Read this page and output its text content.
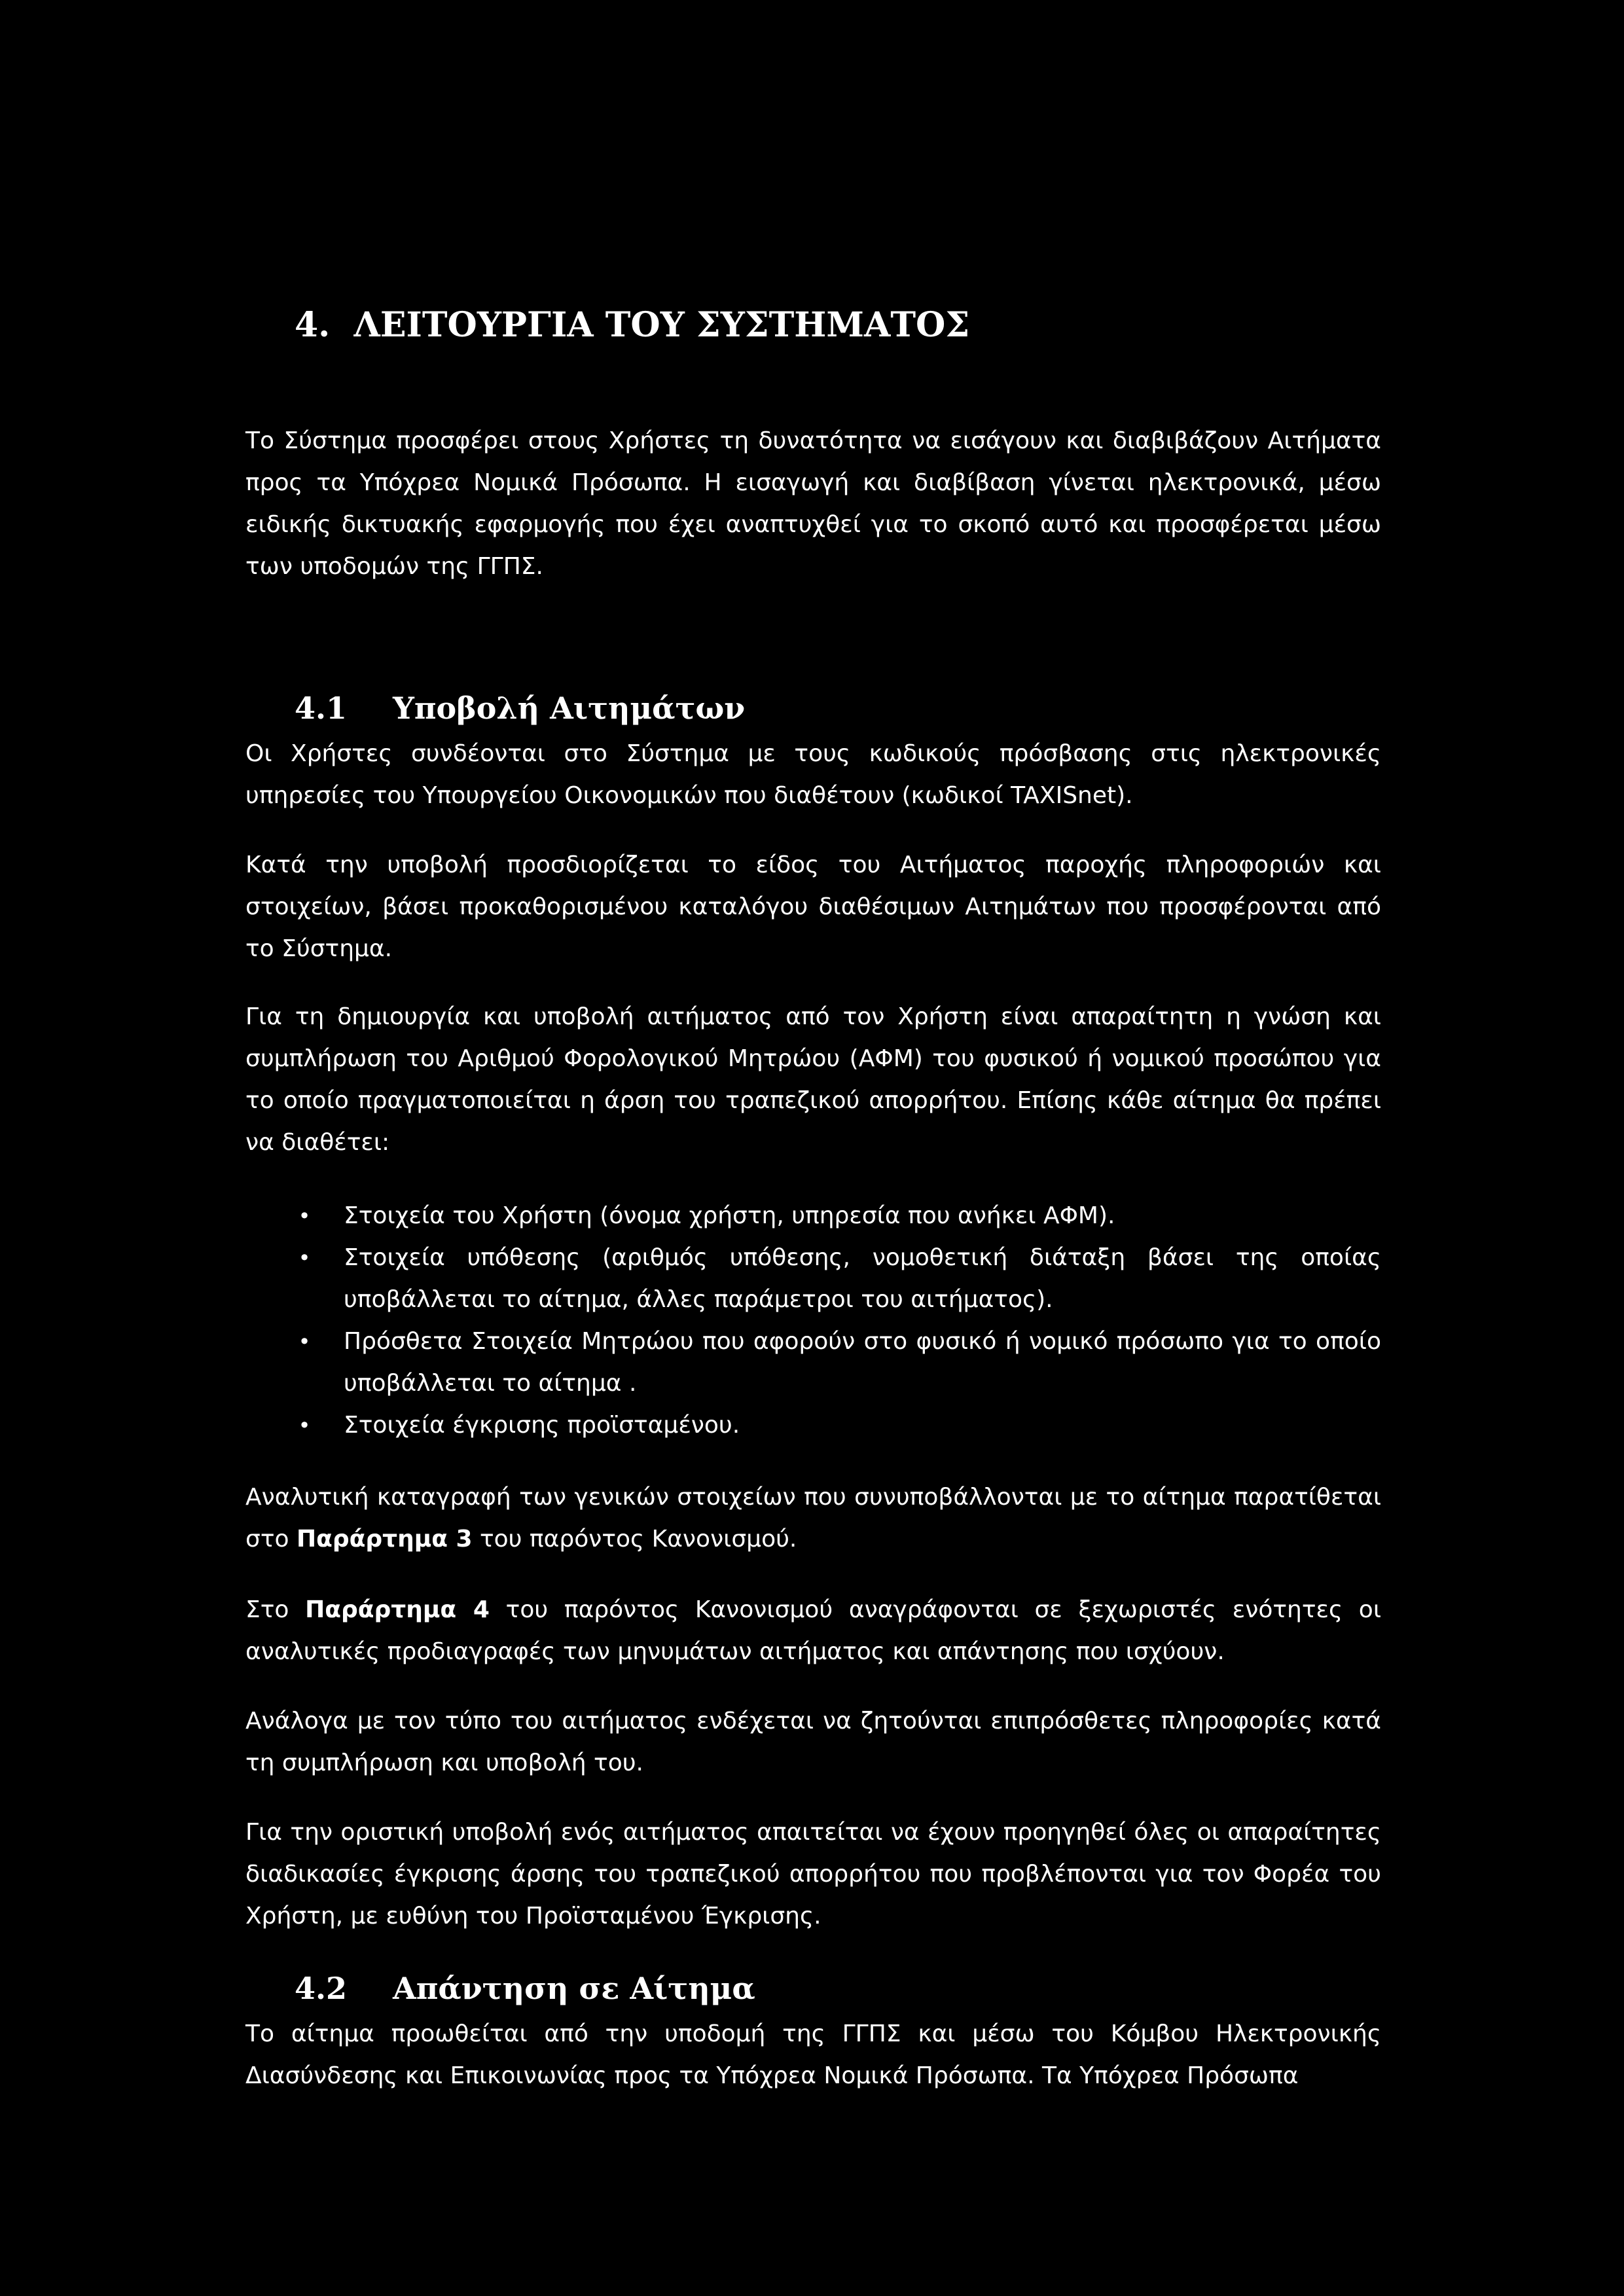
4. ΛΕΙΤΟΥΡΓΙΑ ΤΟΥ ΣΥΣΤΗΜΑΤΟΣ
Το Σύστημα προσφέρει στους Χρήστες τη δυνατότητα να εισάγουν και διαβιβάζουν Αιτήματα προς τα Υπόχρεα Νομικά Πρόσωπα. Η εισαγωγή και διαβίβαση γίνεται ηλεκτρονικά, μέσω ειδικής δικτυακής εφαρμογής που έχει αναπτυχθεί για το σκοπό αυτό και προσφέρεται μέσω των υποδομών της ΓΓΠΣ.
4.1 Υποβολή Αιτημάτων
Οι Χρήστες συνδέονται στο Σύστημα με τους κωδικούς πρόσβασης στις ηλεκτρονικές υπηρεσίες του Υπουργείου Οικονομικών που διαθέτουν (κωδικοί TAXISnet).
Κατά την υποβολή προσδιορίζεται το είδος του Αιτήματος παροχής πληροφοριών και στοιχείων, βάσει προκαθορισμένου καταλόγου διαθέσιμων Αιτημάτων που προσφέρονται από το Σύστημα.
Για τη δημιουργία και υποβολή αιτήματος από τον Χρήστη είναι απαραίτητη η γνώση και συμπλήρωση του Αριθμού Φορολογικού Μητρώου (ΑΦΜ) του φυσικού ή νομικού προσώπου για το οποίο πραγματοποιείται η άρση του τραπεζικού απορρήτου. Επίσης κάθε αίτημα θα πρέπει να διαθέτει:
• Στοιχεία του Χρήστη (όνομα χρήστη, υπηρεσία που ανήκει ΑΦΜ).
• Στοιχεία υπόθεσης (αριθμός υπόθεσης, νομοθετική διάταξη βάσει της οποίας υποβάλλεται το αίτημα, άλλες παράμετροι του αιτήματος).
• Πρόσθετα Στοιχεία Μητρώου που αφορούν στο φυσικό ή νομικό πρόσωπο για το οποίο υποβάλλεται το αίτημα .
• Στοιχεία έγκρισης προϊσταμένου.
Αναλυτική καταγραφή των γενικών στοιχείων που συνυποβάλλονται με το αίτημα παρατίθεται στο Παράρτημα 3 του παρόντος Κανονισμού.
Στο Παράρτημα 4 του παρόντος Κανονισμού αναγράφονται σε ξεχωριστές ενότητες οι αναλυτικές προδιαγραφές των μηνυμάτων αιτήματος και απάντησης που ισχύουν.
Ανάλογα με τον τύπο του αιτήματος ενδέχεται να ζητούνται επιπρόσθετες πληροφορίες κατά τη συμπλήρωση και υποβολή του.
Για την οριστική υποβολή ενός αιτήματος απαιτείται να έχουν προηγηθεί όλες οι απαραίτητες διαδικασίες έγκρισης άρσης του τραπεζικού απορρήτου που προβλέπονται για τον Φορέα του Χρήστη, με ευθύνη του Προϊσταμένου Έγκρισης.
4.2 Απάντηση σε Αίτημα
Το αίτημα προωθείται από την υποδομή της ΓΓΠΣ και μέσω του Κόμβου Ηλεκτρονικής Διασύνδεσης και Επικοινωνίας προς τα Υπόχρεα Νομικά Πρόσωπα. Τα Υπόχρεα Πρόσωπα
